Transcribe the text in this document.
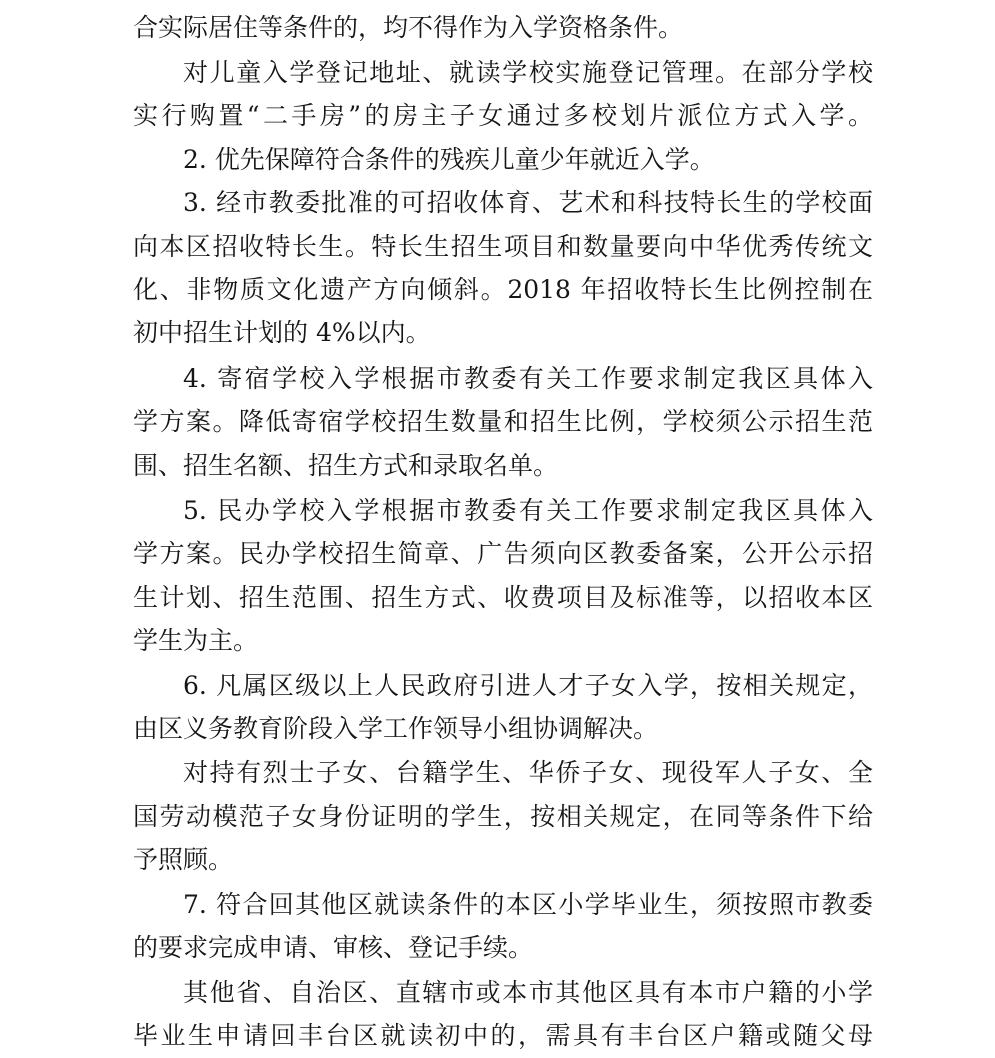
合实际居住等条件的，均不得作为入学资格条件。
对儿童入学登记地址、就读学校实施登记管理。在部分学校
实行购置“二手房”的房主子女通过多校划片派位方式入学。
2. 优先保障符合条件的残疾儿童少年就近入学。
3. 经市教委批准的可招收体育、艺术和科技特长生的学校面
向本区招收特长生。特长生招生项目和数量要向中华优秀传统文
化、非物质文化遗产方向倾斜。2018 年招收特长生比例控制在
初中招生计划的 4%以内。
4. 寄宿学校入学根据市教委有关工作要求制定我区具体入
学方案。降低寄宿学校招生数量和招生比例，学校须公示招生范
围、招生名额、招生方式和录取名单。
5. 民办学校入学根据市教委有关工作要求制定我区具体入
学方案。民办学校招生简章、广告须向区教委备案，公开公示招
生计划、招生范围、招生方式、收费项目及标准等，以招收本区
学生为主。
6. 凡属区级以上人民政府引进人才子女入学，按相关规定，
由区义务教育阶段入学工作领导小组协调解决。
对持有烈士子女、台籍学生、华侨子女、现役军人子女、全
国劳动模范子女身份证明的学生，按相关规定，在同等条件下给
予照顾。
7. 符合回其他区就读条件的本区小学毕业生，须按照市教委
的要求完成申请、审核、登记手续。
其他省、自治区、直辖市或本市其他区具有本市户籍的小学
毕业生申请回丰台区就读初中的，需具有丰台区户籍或随父母
